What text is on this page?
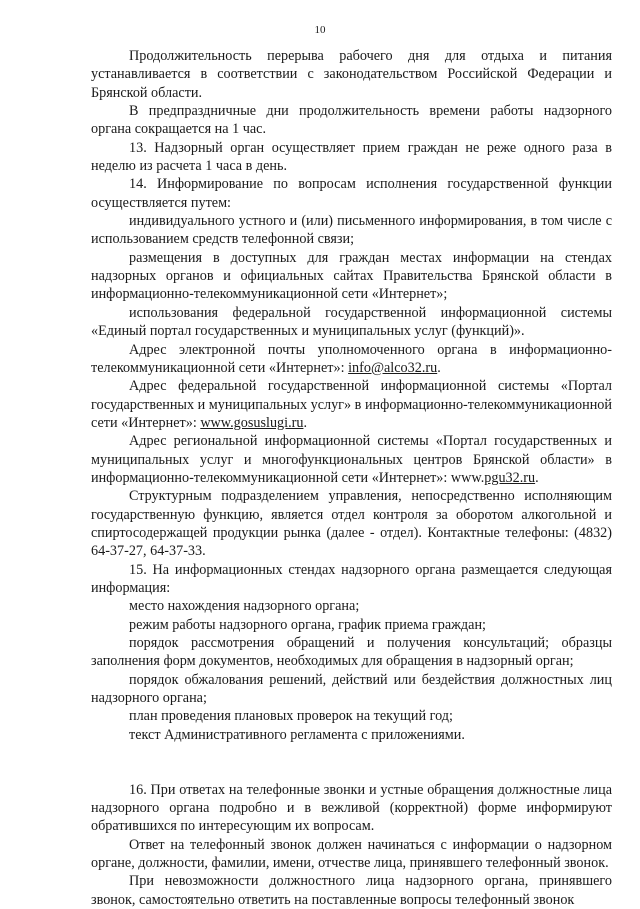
10

Продолжительность перерыва рабочего дня для отдыха и питания устанавливается в соответствии с законодательством Российской Федерации и Брянской области.

В предпраздничные дни продолжительность времени работы надзорного органа сокращается на 1 час.

13. Надзорный орган осуществляет прием граждан не реже одного раза в неделю из расчета 1 часа в день.

14. Информирование по вопросам исполнения государственной функции осуществляется путем:

индивидуального устного и (или) письменного информирования, в том числе с использованием средств телефонной связи;

размещения в доступных для граждан местах информации на стендах надзорных органов и официальных сайтах Правительства Брянской области в информационно-телекоммуникационной сети «Интернет»;

использования федеральной государственной информационной системы «Единый портал государственных и муниципальных услуг (функций)».

Адрес электронной почты уполномоченного органа в информационно-телекоммуникационной сети «Интернет»: info@alco32.ru.

Адрес федеральной государственной информационной системы «Портал государственных и муниципальных услуг» в информационно-телекоммуникационной сети «Интернет»: www.gosuslugi.ru.

Адрес региональной информационной системы «Портал государственных и муниципальных услуг и многофункциональных центров Брянской области» в информационно-телекоммуникационной сети «Интернет»: www.pgu32.ru.

Структурным подразделением управления, непосредственно исполняющим государственную функцию, является отдел контроля за оборотом алкогольной и спиртосодержащей продукции рынка (далее - отдел). Контактные телефоны: (4832) 64-37-27, 64-37-33.

15. На информационных стендах надзорного органа размещается следующая информация:

место нахождения надзорного органа;

режим работы надзорного органа, график приема граждан;

порядок рассмотрения обращений и получения консультаций; образцы заполнения форм документов, необходимых для обращения в надзорный орган;

порядок обжалования решений, действий или бездействия должностных лиц надзорного органа;

план проведения плановых проверок на текущий год;

текст Административного регламента с приложениями.

16. При ответах на телефонные звонки и устные обращения должностные лица надзорного органа подробно и в вежливой (корректной) форме информируют обратившихся по интересующим их вопросам.

Ответ на телефонный звонок должен начинаться с информации о надзорном органе, должности, фамилии, имени, отчестве лица, принявшего телефонный звонок.

При невозможности должностного лица надзорного органа, принявшего звонок, самостоятельно ответить на поставленные вопросы телефонный звонок
